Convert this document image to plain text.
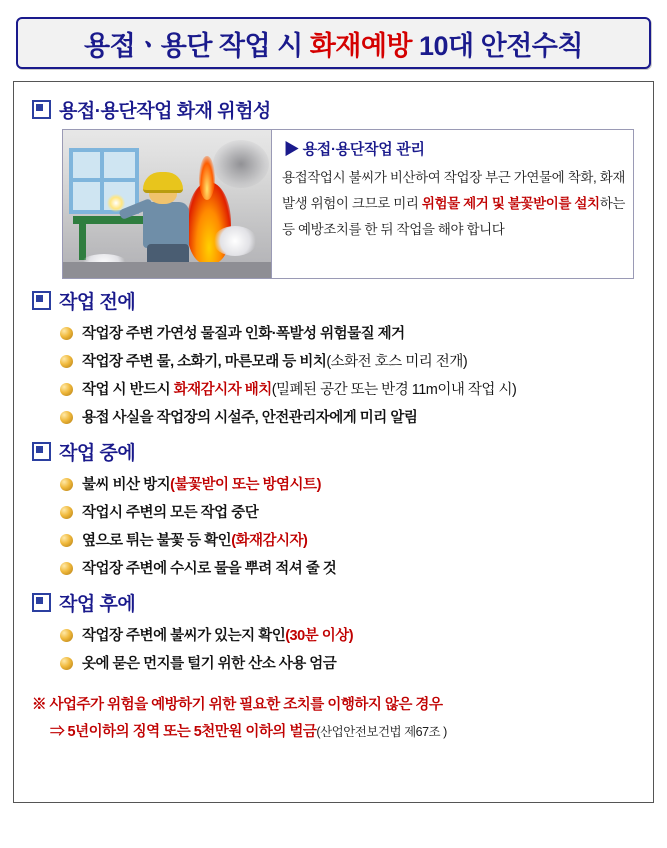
용접ㆍ용단 작업 시 화재예방 10대 안전수칙
용접·용단작업 화재 위험성
▶ 용접·용단작업 관리
용접작업시 불씨가 비산하여 작업장 부근 가연물에 착화, 화재발생 위험이 크므로 미리 위험물 제거 및 불꽃받이를 설치하는 등 예방조치를 한 뒤 작업을 해야 합니다
작업 전에
작업장 주변 가연성 물질과 인화·폭발성 위험물질 제거
작업장 주변 물, 소화기, 마른모래 등 비치(소화전 호스 미리 전개)
작업 시 반드시 화재감시자 배치(밀폐된 공간 또는 반경 11m이내 작업 시)
용접 사실을 작업장의 시설주, 안전관리자에게 미리 알림
작업 중에
불씨 비산 방지(불꽃받이 또는 방염시트)
작업시 주변의 모든 작업 중단
옆으로 튀는 불꽃 등 확인(화재감시자)
작업장 주변에 수시로 물을 뿌려 적셔 줄 것
작업 후에
작업장 주변에 불씨가 있는지 확인(30분 이상)
옷에 묻은 먼지를 털기 위한 산소 사용 엄금
※ 사업주가 위험을 예방하기 위한 필요한 조치를 이행하지 않은 경우
⇒ 5년이하의 징역 또는 5천만원 이하의 벌금(산업안전보건법 제67조 )
